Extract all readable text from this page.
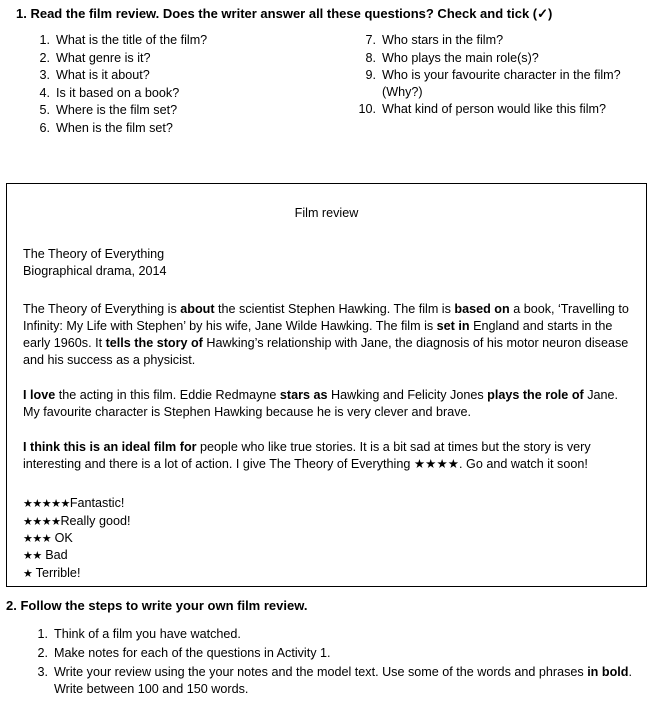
1. Read the film review. Does the writer answer all these questions? Check and tick (✓)
1. What is the title of the film?
2. What genre is it?
3. What is it about?
4. Is it based on a book?
5. Where is the film set?
6. When is the film set?
7. Who stars in the film?
8. Who plays the main role(s)?
9. Who is your favourite character in the film? (Why?)
10. What kind of person would like this film?
Film review
The Theory of Everything
Biographical drama, 2014
The Theory of Everything is about the scientist Stephen Hawking. The film is based on a book, ‘Travelling to Infinity: My Life with Stephen’ by his wife, Jane Wilde Hawking. The film is set in England and starts in the early 1960s. It tells the story of Hawking’s relationship with Jane, the diagnosis of his motor neuron disease and his success as a physicist.
I love the acting in this film. Eddie Redmayne stars as Hawking and Felicity Jones plays the role of Jane. My favourite character is Stephen Hawking because he is very clever and brave.
I think this is an ideal film for people who like true stories. It is a bit sad at times but the story is very interesting and there is a lot of action. I give The Theory of Everything ★★★★. Go and watch it soon!
★★★★★Fantastic!
★★★★Really good!
★★★ OK
★★ Bad
★ Terrible!
2. Follow the steps to write your own film review.
1. Think of a film you have watched.
2. Make notes for each of the questions in Activity 1.
3. Write your review using the your notes and the model text. Use some of the words and phrases in bold. Write between 100 and 150 words.
